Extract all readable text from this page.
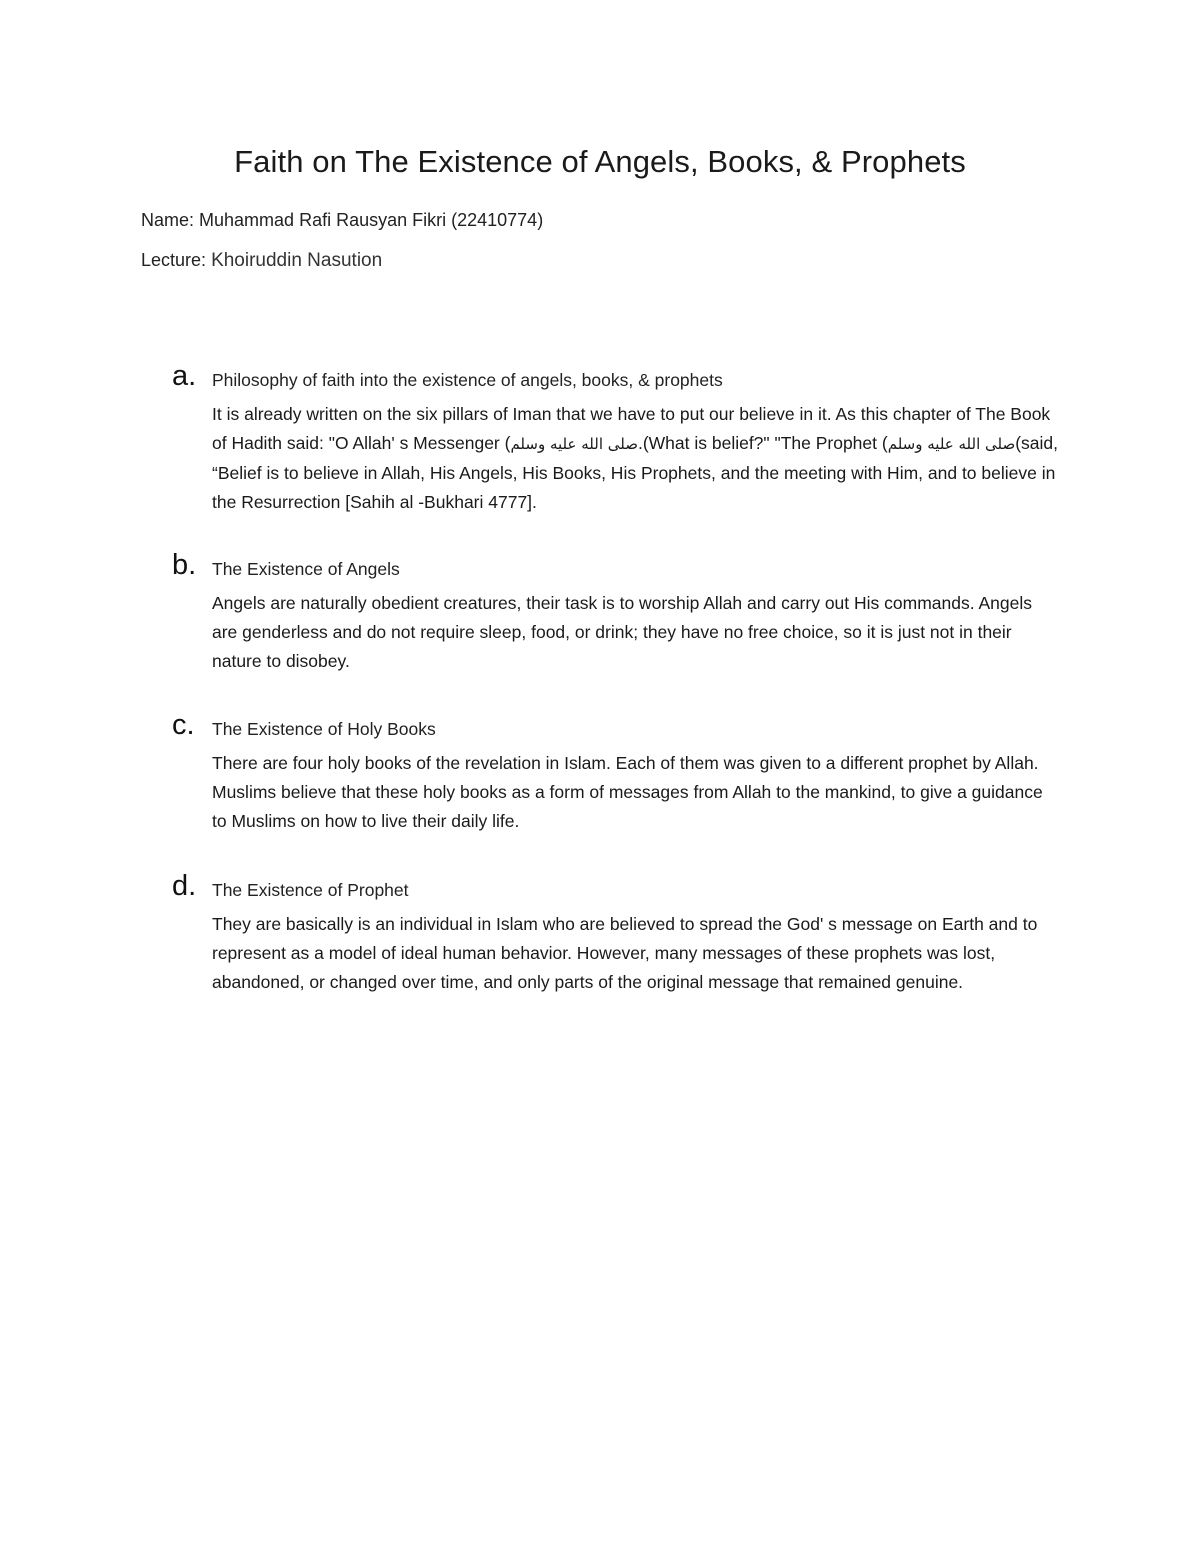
Faith on The Existence of Angels, Books, & Prophets
Name: Muhammad Rafi Rausyan Fikri (22410774)
Lecture: Khoiruddin Nasution
a. Philosophy of faith into the existence of angels, books, & prophets
It is already written on the six pillars of Iman that we have to put our believe in it. As this chapter of The Book of Hadith said: "O Allah' s Messenger (صلى الله عليه وسلم.(What is belief?" "The Prophet (صلى الله عليه وسلم(said, “Belief is to believe in Allah, His Angels, His Books, His Prophets, and the meeting with Him, and to believe in the Resurrection [Sahih al -Bukhari 4777].
b. The Existence of Angels
Angels are naturally obedient creatures, their task is to worship Allah and carry out His commands. Angels are genderless and do not require sleep, food, or drink; they have no free choice, so it is just not in their nature to disobey.
c. The Existence of Holy Books
There are four holy books of the revelation in Islam. Each of them was given to a different prophet by Allah. Muslims believe that these holy books as a form of messages from Allah to the mankind, to give a guidance to Muslims on how to live their daily life.
d. The Existence of Prophet
They are basically is an individual in Islam who are believed to spread the God' s message on Earth and to represent as a model of ideal human behavior. However, many messages of these prophets was lost, abandoned, or changed over time, and only parts of the original message that remained genuine.
